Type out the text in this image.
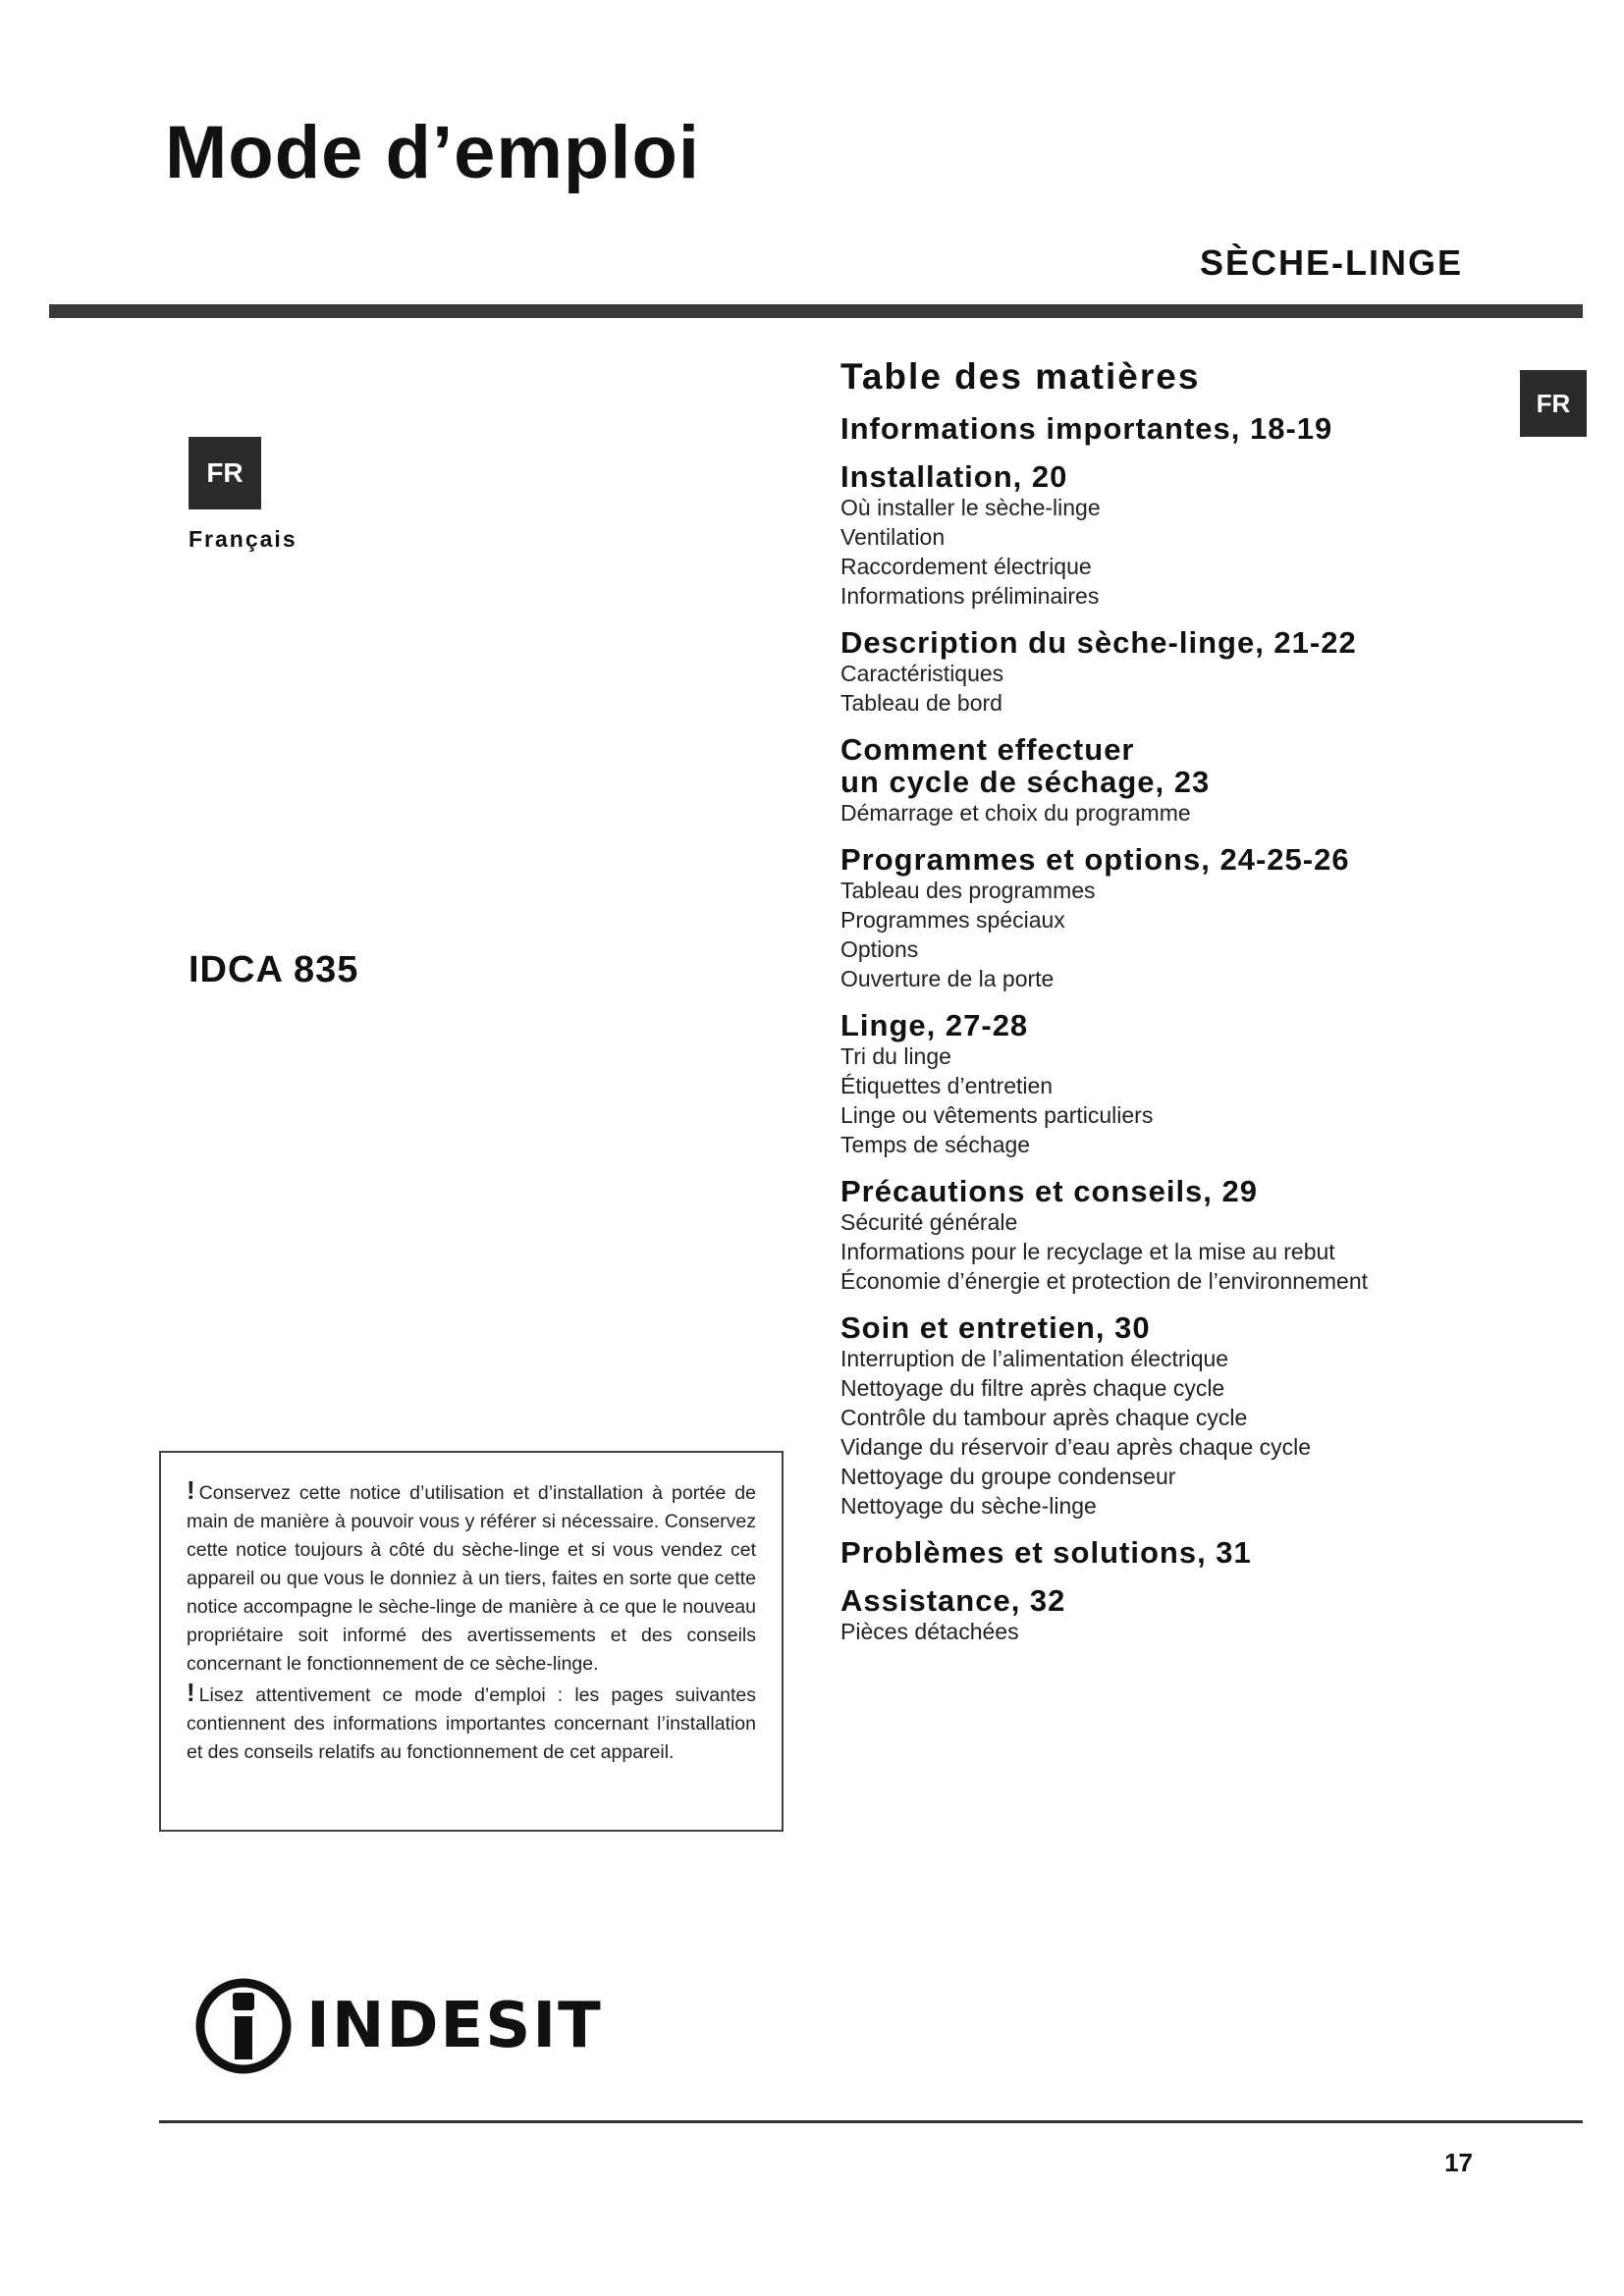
Mode d’emploi
SÈCHE-LINGE
FR
Français
FR
IDCA 835
Table des matières
Informations importantes, 18-19
Installation, 20
Où installer le sèche-linge
Ventilation
Raccordement électrique
Informations préliminaires
Description du sèche-linge, 21-22
Caractéristiques
Tableau de bord
Comment effectuer
un cycle de séchage, 23
Démarrage et choix du programme
Programmes et options, 24-25-26
Tableau des programmes
Programmes spéciaux
Options
Ouverture de la porte
Linge, 27-28
Tri du linge
Étiquettes d’entretien
Linge ou vêtements particuliers
Temps de séchage
Précautions et conseils, 29
Sécurité générale
Informations pour le recyclage et la mise au rebut
Économie d’énergie et protection de l’environnement
Soin et entretien, 30
Interruption de l’alimentation électrique
Nettoyage du filtre après chaque cycle
Contrôle du tambour après chaque cycle
Vidange du réservoir d’eau après chaque cycle
Nettoyage du groupe condenseur
Nettoyage du sèche-linge
Problèmes et solutions, 31
Assistance, 32
Pièces détachées
! Conservez cette notice d’utilisation et d’installation à portée de main de manière à pouvoir vous y référer si nécessaire. Conservez cette notice toujours à côté du sèche-linge et si vous vendez cet appareil ou que vous le donniez à un tiers, faites en sorte que cette notice accompagne le sèche-linge de manière à ce que le nouveau propriétaire soit informé des avertissements et des conseils concernant le fonctionnement de ce sèche-linge.
! Lisez attentivement ce mode d’emploi : les pages suivantes contiennent des informations importantes concernant l’installation et des conseils relatifs au fonctionnement de cet appareil.
INDESIT
17
